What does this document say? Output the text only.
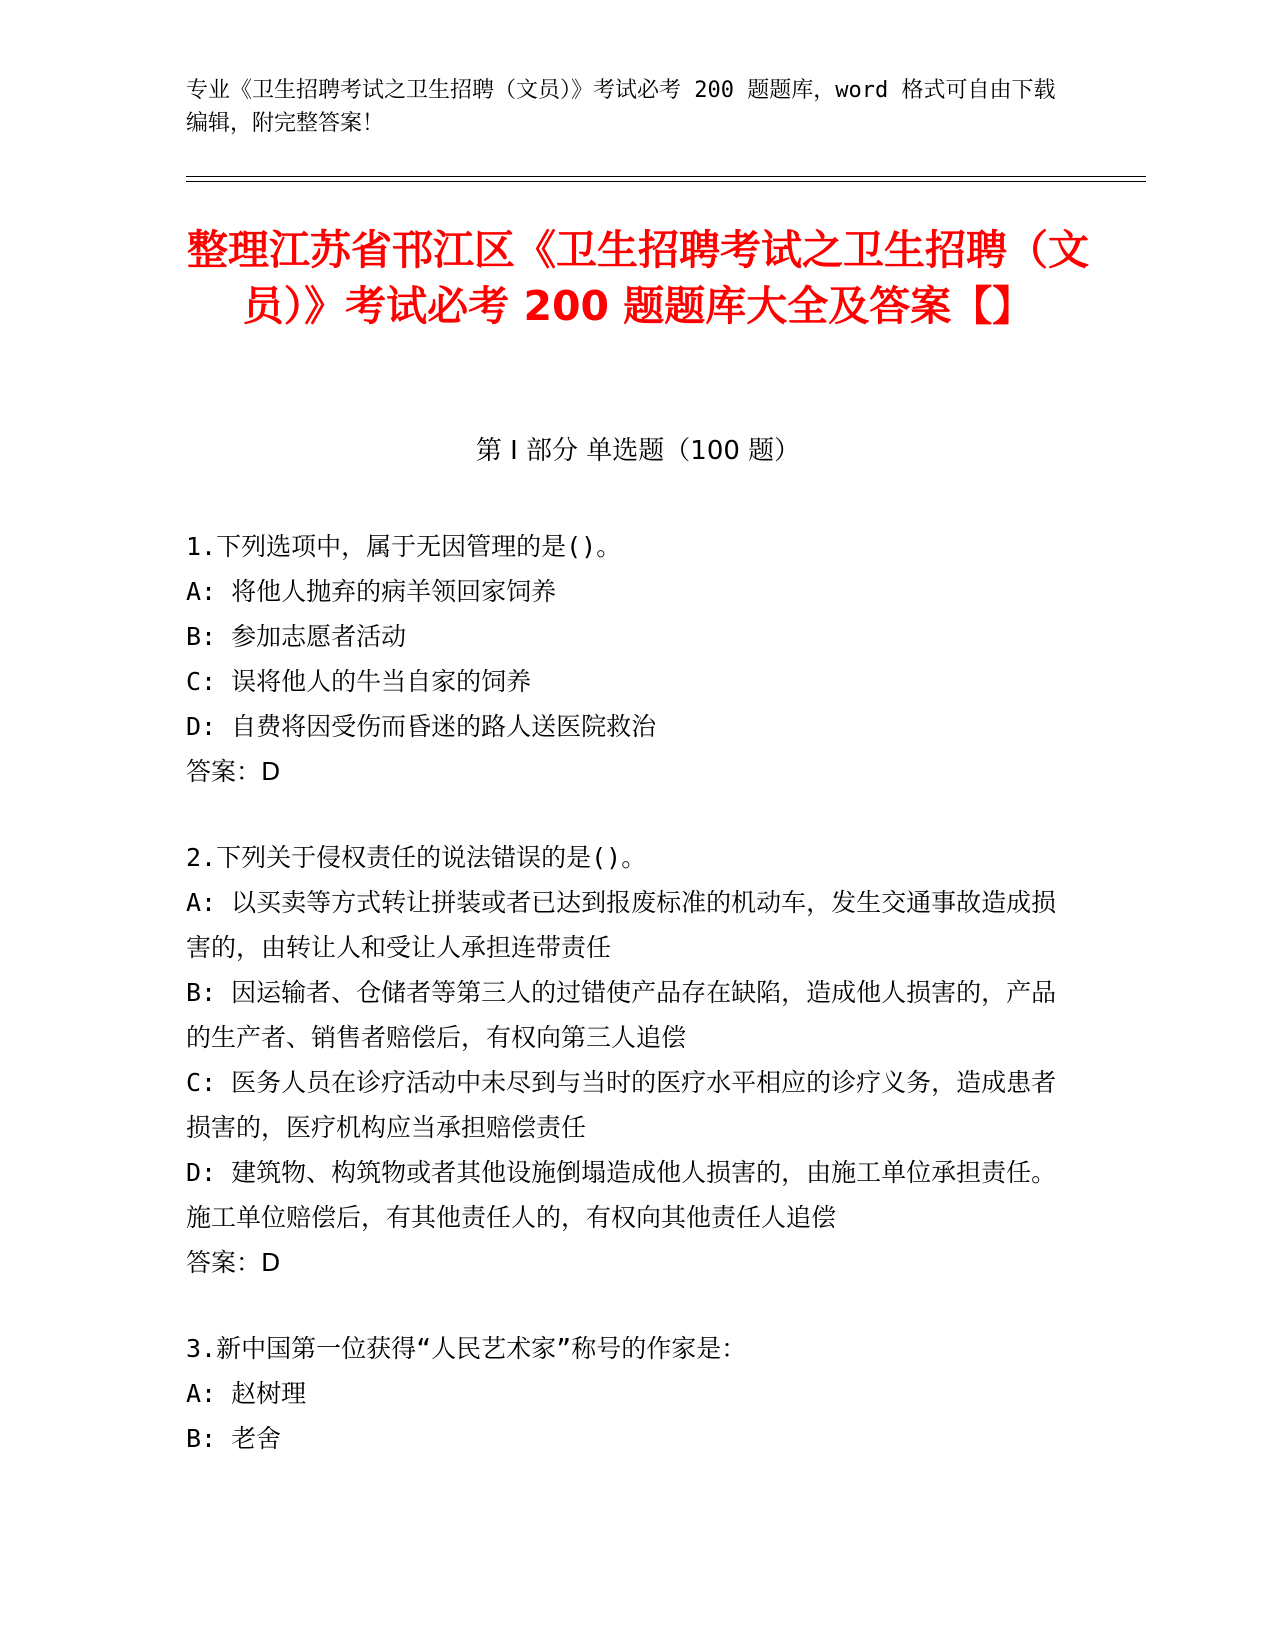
专业《卫生招聘考试之卫生招聘（文员）》考试必考 200 题题库，word 格式可自由下载编辑，附完整答案！
整理江苏省邗江区《卫生招聘考试之卫生招聘（文员）》考试必考 200 题题库大全及答案【】
第 I 部分 单选题（100 题）

1.下列选项中，属于无因管理的是()。

A: 将他人抛弃的病羊领回家饲养

B: 参加志愿者活动

C: 误将他人的牛当自家的饲养

D: 自费将因受伤而昏迷的路人送医院救治

答案：D

2.下列关于侵权责任的说法错误的是()。

A: 以买卖等方式转让拼装或者已达到报废标准的机动车，发生交通事故造成损害的，由转让人和受让人承担连带责任

B: 因运输者、仓储者等第三人的过错使产品存在缺陷，造成他人损害的，产品的生产者、销售者赔偿后，有权向第三人追偿

C: 医务人员在诊疗活动中未尽到与当时的医疗水平相应的诊疗义务，造成患者损害的，医疗机构应当承担赔偿责任

D: 建筑物、构筑物或者其他设施倒塌造成他人损害的，由施工单位承担责任。施工单位赔偿后，有其他责任人的，有权向其他责任人追偿

答案：D

3.新中国第一位获得“人民艺术家”称号的作家是：

A: 赵树理

B: 老舍
